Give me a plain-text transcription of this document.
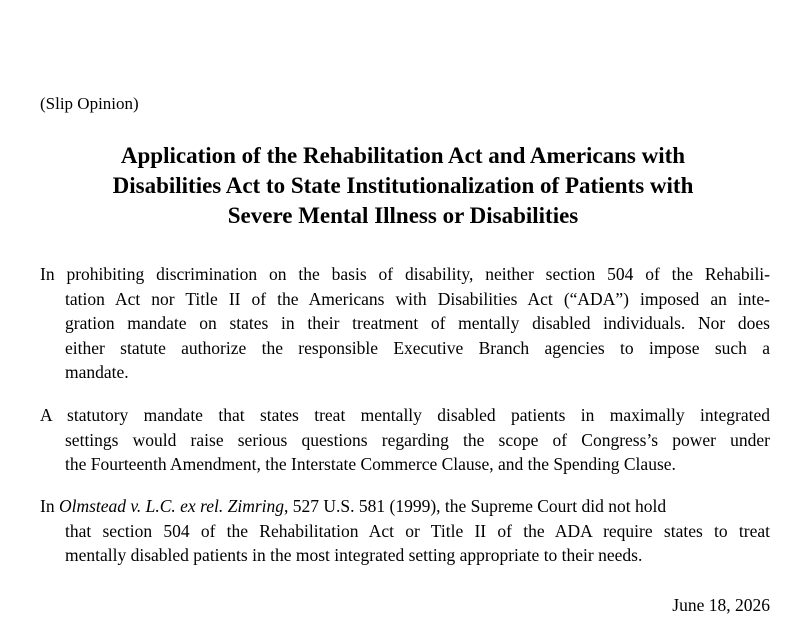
(Slip Opinion)
Application of the Rehabilitation Act and Americans with
Disabilities Act to State Institutionalization of Patients with
Severe Mental Illness or Disabilities
In prohibiting discrimination on the basis of disability, neither section 504 of the Rehabili-
tation Act nor Title II of the Americans with Disabilities Act (“ADA”) imposed an inte-
gration mandate on states in their treatment of mentally disabled individuals. Nor does
either statute authorize the responsible Executive Branch agencies to impose such a
mandate.
A statutory mandate that states treat mentally disabled patients in maximally integrated
settings would raise serious questions regarding the scope of Congress’s power under
the Fourteenth Amendment, the Interstate Commerce Clause, and the Spending Clause.
In Olmstead v. L.C. ex rel. Zimring, 527 U.S. 581 (1999), the Supreme Court did not hold
that section 504 of the Rehabilitation Act or Title II of the ADA require states to treat
mentally disabled patients in the most integrated setting appropriate to their needs.
June 18, 2026
